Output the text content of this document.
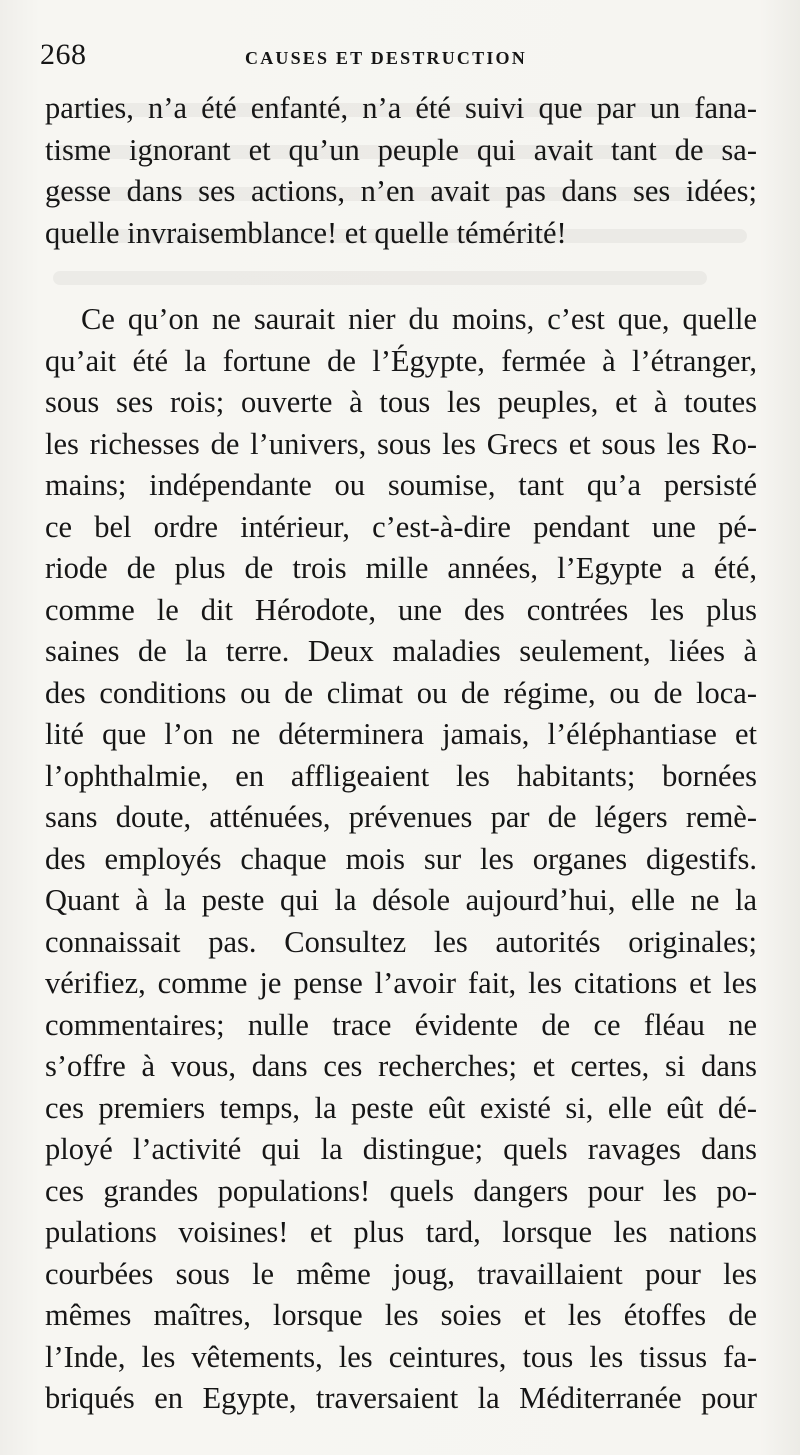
268	CAUSES ET DESTRUCTION
parties, n’a été enfanté, n’a été suivi que par un fana-
tisme ignorant et qu’un peuple qui avait tant de sa-
gesse dans ses actions, n’en avait pas dans ses idées;
quelle invraisemblance! et quelle témérité!
Ce qu’on ne saurait nier du moins, c’est que, quelle
qu’ait été la fortune de l’Égypte, fermée à l’étranger,
sous ses rois; ouverte à tous les peuples, et à toutes
les richesses de l’univers, sous les Grecs et sous les Ro-
mains; indépendante ou soumise, tant qu’a persisté
ce bel ordre intérieur, c’est-à-dire pendant une pé-
riode de plus de trois mille années, l’Egypte a été,
comme le dit Hérodote, une des contrées les plus
saines de la terre. Deux maladies seulement, liées à
des conditions ou de climat ou de régime, ou de loca-
lité que l’on ne déterminera jamais, l’éléphantiase et
l’ophthalmie, en affligeaient les habitants; bornées
sans doute, atténuées, prévenues par de légers remè-
des employés chaque mois sur les organes digestifs.
Quant à la peste qui la désole aujourd’hui, elle ne la
connaissait pas. Consultez les autorités originales;
vérifiez, comme je pense l’avoir fait, les citations et les
commentaires; nulle trace évidente de ce fléau ne
s’offre à vous, dans ces recherches; et certes, si dans
ces premiers temps, la peste eût existé si, elle eût dé-
ployé l’activité qui la distingue; quels ravages dans
ces grandes populations! quels dangers pour les po-
pulations voisines! et plus tard, lorsque les nations
courbées sous le même joug, travaillaient pour les
mêmes maîtres, lorsque les soies et les étoffes de
l’Inde, les vêtements, les ceintures, tous les tissus fa-
briqués en Egypte, traversaient la Méditerranée pour
